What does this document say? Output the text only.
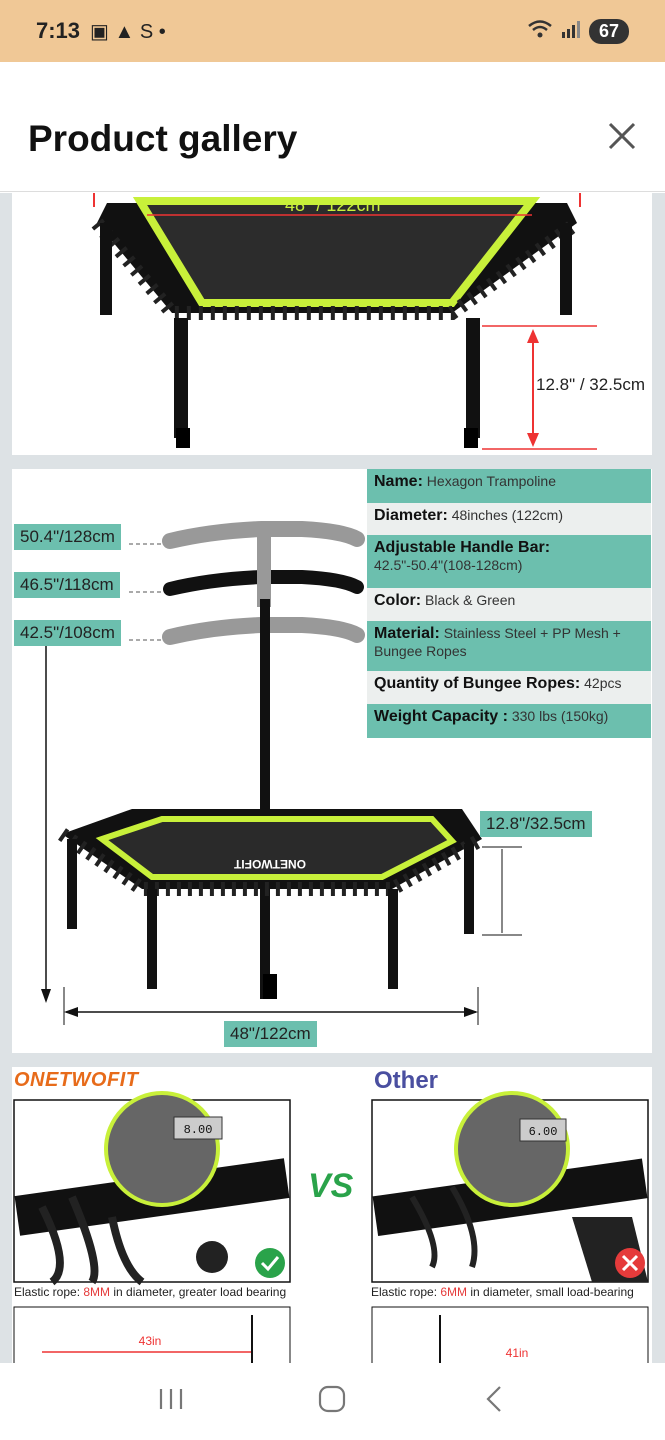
7:13 ▣ ▲ S •	67
Product gallery
48" / 122cm
12.8" / 32.5cm
50.4"/128cm
46.5"/118cm
42.5"/108cm
12.8"/32.5cm
48"/122cm
ONETWOFIT
Name: Hexagon Trampoline
Diameter: 48inches (122cm)
Adjustable Handle Bar:
42.5"-50.4"(108-128cm)
Color: Black & Green
Material: Stainless Steel + PP Mesh + Bungee Ropes
Quantity of Bungee Ropes: 42pcs
Weight Capacity : 330 lbs (150kg)
ONETWOFIT	Other
VS
8.00	6.00
43in
41in
Elastic rope: 8MM in diameter, greater load bearing	Elastic rope: 6MM in diameter, small load-bearing
